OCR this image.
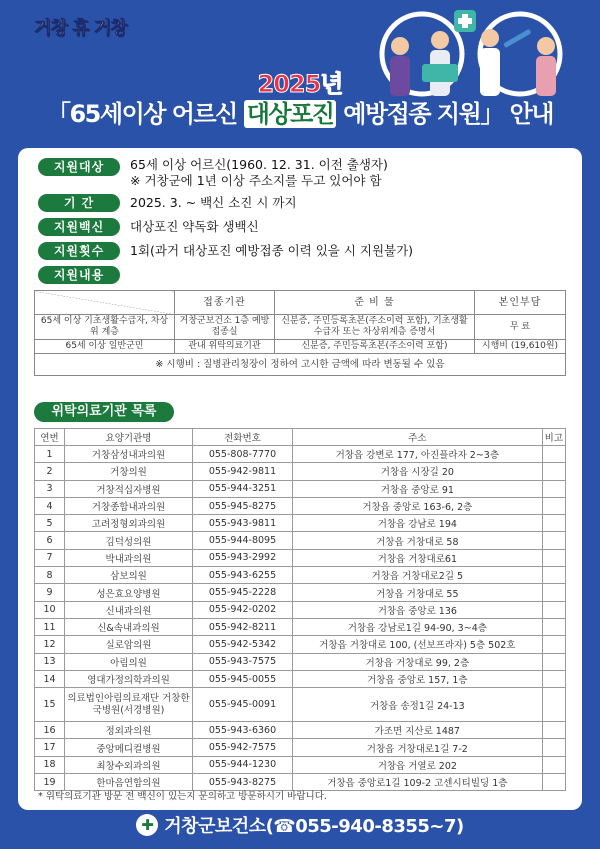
거창 휴 거창
2025년
「65세이상 어르신 대상포진 예방접종 지원」 안내
지원대상	65세 이상 어르신(1960. 12. 31. 이전 출생자)
※ 거창군에 1년 이상 주소지를 두고 있어야 함
기 간	2025. 3. ~ 백신 소진 시 까지
지원백신	대상포진 약독화 생백신
지원횟수	1회(과거 대상포진 예방접종 이력 있을 시 지원불가)
지원내용
	접종기관	준 비 물	본인부담
65세 이상 기초생활수급자, 차상위 계층	거창군보건소 1층 예방접종실	신분증, 주민등록초본(주소이력 포함), 기초생활수급자 또는 차상위계층 증명서	무 료
65세 이상 일반군민	관내 위탁의료기관	신분증, 주민등록초본(주소이력 포함)	시행비 (19,610원)
※ 시행비 : 질병관리청장이 정하여 고시한 금액에 따라 변동될 수 있음			
위탁의료기관 목록
연번	요양기관명	전화번호	주소	비고
1	거창삼성내과의원	055-808-7770	거창읍 강변로 177, 아진플라자 2~3층	
2	거창의원	055-942-9811	거창읍 시장길 20	
3	거창적십자병원	055-944-3251	거창읍 중앙로 91	
4	거창종합내과의원	055-945-8275	거창읍 중앙로 163-6, 2층	
5	고려정형외과의원	055-943-9811	거창읍 강남로 194	
6	김덕성의원	055-944-8095	거창읍 거창대로 58	
7	박내과의원	055-943-2992	거창읍 거창대로61	
8	삼보의원	055-943-6255	거창읍 거창대로2길 5	
9	성은효요양병원	055-945-2228	거창읍 거창대로 55	
10	신내과의원	055-942-0202	거창읍 중앙로 136	
11	신&속내과의원	055-942-8211	거창읍 강남로1길 94-90, 3~4층	
12	실로암의원	055-942-5342	거창읍 거창대로 100, (선보프라자) 5층 502호	
13	아림의원	055-943-7575	거창읍 거창대로 99, 2층	
14	영대가정의학과의원	055-945-0055	거창읍 중앙로 157, 1층	
15	의료법인아림의료재단 거창한국병원(서경병원)	055-945-0091	거창읍 송정1길 24-13	
16	정외과의원	055-943-6360	가조면 지산로 1487	
17	중앙메디컬병원	055-942-7575	거창읍 거창대로1길 7-2	
18	최창수외과의원	055-944-1230	거창읍 거열로 202	
19	한마음연합의원	055-943-8275	거창읍 중앙로1길 109-2 고센시티빌딩 1층	
* 위탁의료기관 방문 전 백신이 있는지 문의하고 방문하시기 바랍니다.
✚ 거창군보건소(☎055-940-8355~7)
